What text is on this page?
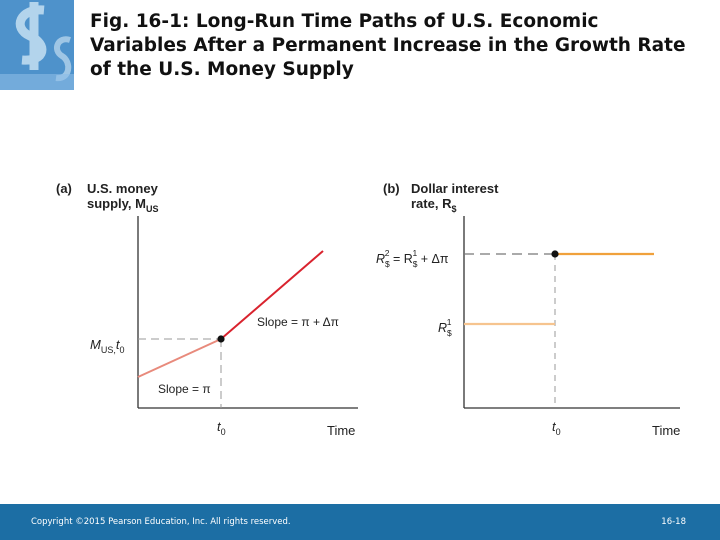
Fig. 16-1: Long-Run Time Paths of U.S. Economic Variables After a Permanent Increase in the Growth Rate of the U.S. Money Supply
(a) U.S. money
supply, $M_{US}$
Slope = π + Δπ
Slope = π
$M_{US,}t_0$
$t_0$	Time
(b) Dollar interest
rate, $R_{\$}$
$R_{\$}2 = R_{\$}1 + \Delta\pi$
$R_{\$}1$
$t_0$	Time
Copyright ©2015 Pearson Education, Inc. All rights reserved.	16-18
